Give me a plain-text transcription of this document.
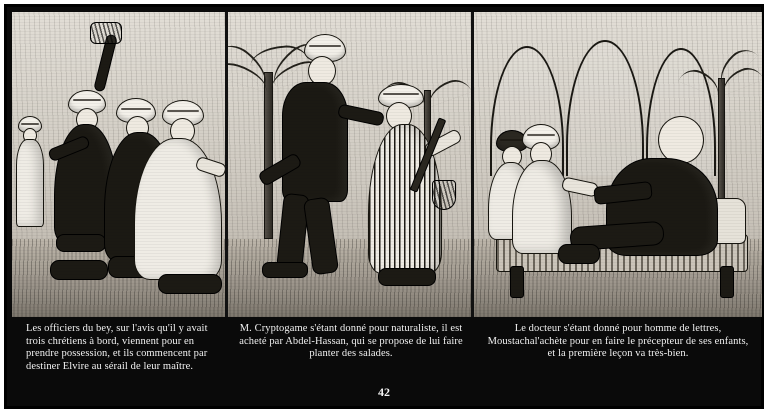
Les officiers du bey, sur l'avis qu'il y avait trois chrétiens à bord, viennent pour en prendre possession, et ils commencent par destiner Elvire au sérail de leur maître.
M. Cryptogame s'étant donné pour naturaliste, il est acheté par Abdel-Hassan, qui se propose de lui faire planter des salades.
Le docteur s'étant donné pour homme de lettres, Moustachal'achète pour en faire le précepteur de ses enfants, et la première leçon va très-bien.
42
